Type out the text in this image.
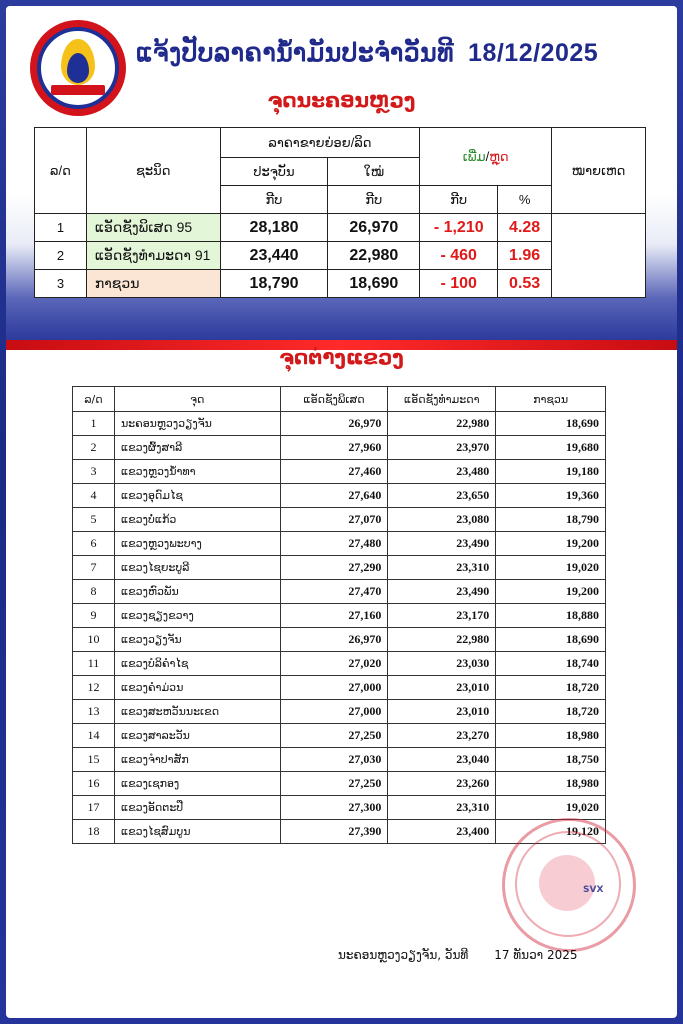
ແຈ້ງປັບລາຄານ້ຳມັນປະຈຳວັນທີ 18/12/2025
ຈຸດນະຄອນຫຼວງ
ລ/ດ	ຊະນິດ	ລາຄາຂາຍຍ່ອຍ/ລິດ		ເພີ່ມ/ຫຼຸດ		ໝາຍເຫດ
		ປະຈຸບັນ	ໃໝ່			
		ກີບ	ກີບ	ກີບ	%	
1	ແອັດຊັງພິເສດ 95	28,180	26,970	- 1,210	4.28	
2	ແອັດຊັງທຳມະດາ 91	23,440	22,980	- 460	1.96	
3	ກາຊວນ	18,790	18,690	- 100	0.53	
ຈຸດຕ່າງແຂວງ
ລ/ດ	ຈຸດ	ແອັດຊັງພິເສດ	ແອັດຊັງທຳມະດາ	ກາຊວນ
1	ນະຄອນຫຼວງວຽງຈັນ	26,970	22,980	18,690
2	ແຂວງຜົ້ງສາລີ	27,960	23,970	19,680
3	ແຂວງຫຼວງນ້ຳທາ	27,460	23,480	19,180
4	ແຂວງອຸດົມໄຊ	27,640	23,650	19,360
5	ແຂວງບໍ່ແກ້ວ	27,070	23,080	18,790
6	ແຂວງຫຼວງພະບາງ	27,480	23,490	19,200
7	ແຂວງໄຊຍະບູລີ	27,290	23,310	19,020
8	ແຂວງຫົວພັນ	27,470	23,490	19,200
9	ແຂວງຊຽງຂວາງ	27,160	23,170	18,880
10	ແຂວງວຽງຈັນ	26,970	22,980	18,690
11	ແຂວງບໍລິຄຳໄຊ	27,020	23,030	18,740
12	ແຂວງຄຳມ່ວນ	27,000	23,010	18,720
13	ແຂວງສະຫວັນນະເຂດ	27,000	23,010	18,720
14	ແຂວງສາລະວັນ	27,250	23,270	18,980
15	ແຂວງຈຳປາສັກ	27,030	23,040	18,750
16	ແຂວງເຊກອງ	27,250	23,260	18,980
17	ແຂວງອັດຕະປື	27,300	23,310	19,020
18	ແຂວງໄຊສົມບູນ	27,390	23,400	19,120
SVX
ນະຄອນຫຼວງວຽງຈັນ, ວັນທີ 17 ທັນວາ 2025
